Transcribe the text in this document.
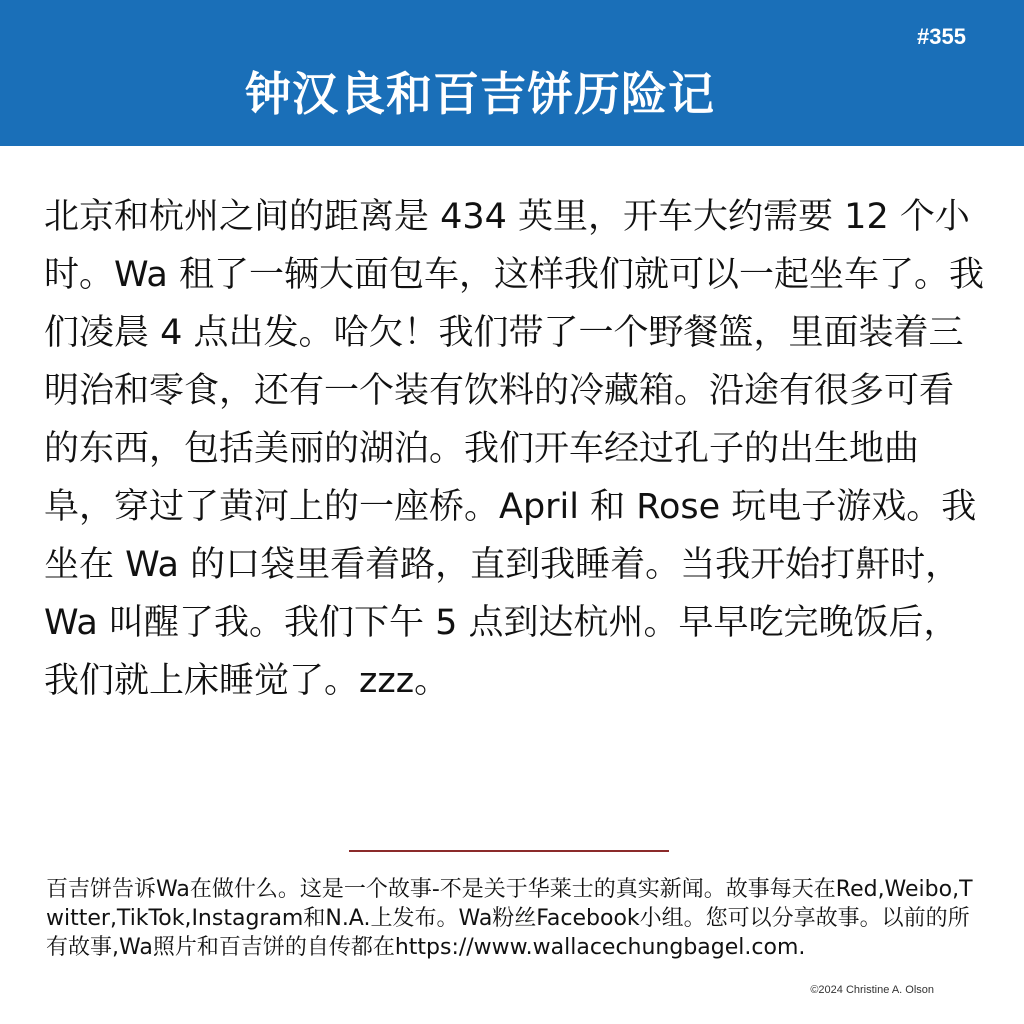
#355
钟汉良和百吉饼历险记

北京和杭州之间的距离是 434 英里，开车大约需要 12 个小时。Wa 租了一辆大面包车，这样我们就可以一起坐车了。我们凌晨 4 点出发。哈欠！我们带了一个野餐篮，里面装着三明治和零食，还有一个装有饮料的冷藏箱。沿途有很多可看的东西，包括美丽的湖泊。我们开车经过孔子的出生地曲阜，穿过了黄河上的一座桥。April 和 Rose 玩电子游戏。我坐在 Wa 的口袋里看着路，直到我睡着。当我开始打鼾时，Wa 叫醒了我。我们下午 5 点到达杭州。早早吃完晚饭后，我们就上床睡觉了。zzz。

百吉饼告诉Wa在做什么。这是一个故事-不是关于华莱士的真实新闻。故事每天在Red,Weibo,Twitter,TikTok,Instagram和N.A.上发布。Wa粉丝Facebook小组。您可以分享故事。以前的所有故事,Wa照片和百吉饼的自传都在https://www.wallacechungbagel.com.

©2024 Christine A. Olson
